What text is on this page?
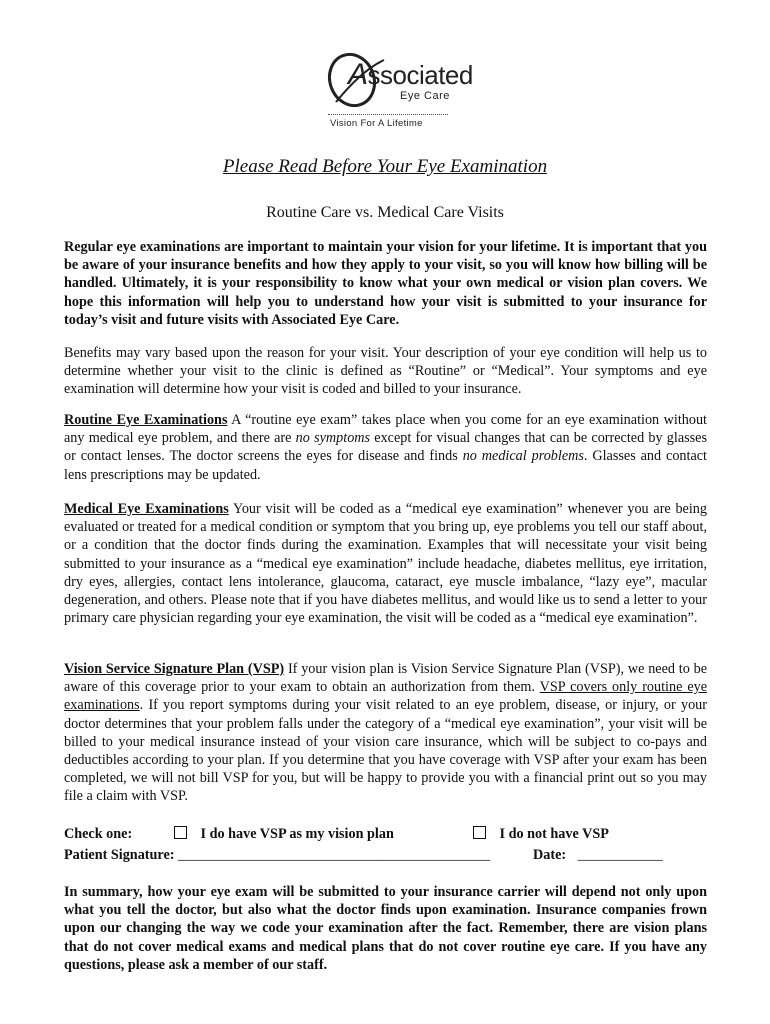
Associated
Eye Care
Vision For A Lifetime
Please Read Before Your Eye Examination
Routine Care vs. Medical Care Visits

Regular eye examinations are important to maintain your vision for your lifetime. It is important that you be aware of your insurance benefits and how they apply to your visit, so you will know how billing will be handled. Ultimately, it is your responsibility to know what your own medical or vision plan covers. We hope this information will help you to understand how your visit is submitted to your insurance for today’s visit and future visits with Associated Eye Care.

Benefits may vary based upon the reason for your visit. Your description of your eye condition will help us to determine whether your visit to the clinic is defined as “Routine” or “Medical”. Your symptoms and eye examination will determine how your visit is coded and billed to your insurance.

Routine Eye Examinations A “routine eye exam” takes place when you come for an eye examination without any medical eye problem, and there are no symptoms except for visual changes that can be corrected by glasses or contact lenses. The doctor screens the eyes for disease and finds no medical problems. Glasses and contact lens prescriptions may be updated.

Medical Eye Examinations Your visit will be coded as a “medical eye examination” whenever you are being evaluated or treated for a medical condition or symptom that you bring up, eye problems you tell our staff about, or a condition that the doctor finds during the examination. Examples that will necessitate your visit being submitted to your insurance as a “medical eye examination” include headache, diabetes mellitus, eye irritation, dry eyes, allergies, contact lens intolerance, glaucoma, cataract, eye muscle imbalance, “lazy eye”, macular degeneration, and others. Please note that if you have diabetes mellitus, and would like us to send a letter to your primary care physician regarding your eye examination, the visit will be coded as a “medical eye examination”.

Vision Service Signature Plan (VSP) If your vision plan is Vision Service Signature Plan (VSP), we need to be aware of this coverage prior to your exam to obtain an authorization from them. VSP covers only routine eye examinations. If you report symptoms during your visit related to an eye problem, disease, or injury, or your doctor determines that your problem falls under the category of a “medical eye examination”, your visit will be billed to your medical insurance instead of your vision care insurance, which will be subject to co-pays and deductibles according to your plan. If you determine that you have coverage with VSP after your exam has been completed, we will not bill VSP for you, but will be happy to provide you with a financial print out so you may file a claim with VSP.

Check one:	I do have VSP as my vision plan	I do not have VSP
Patient Signature: ____________________________________________	Date: ____________

In summary, how your eye exam will be submitted to your insurance carrier will depend not only upon what you tell the doctor, but also what the doctor finds upon examination. Insurance companies frown upon our changing the way we code your examination after the fact. Remember, there are vision plans that do not cover medical exams and medical plans that do not cover routine eye care. If you have any questions, please ask a member of our staff.
